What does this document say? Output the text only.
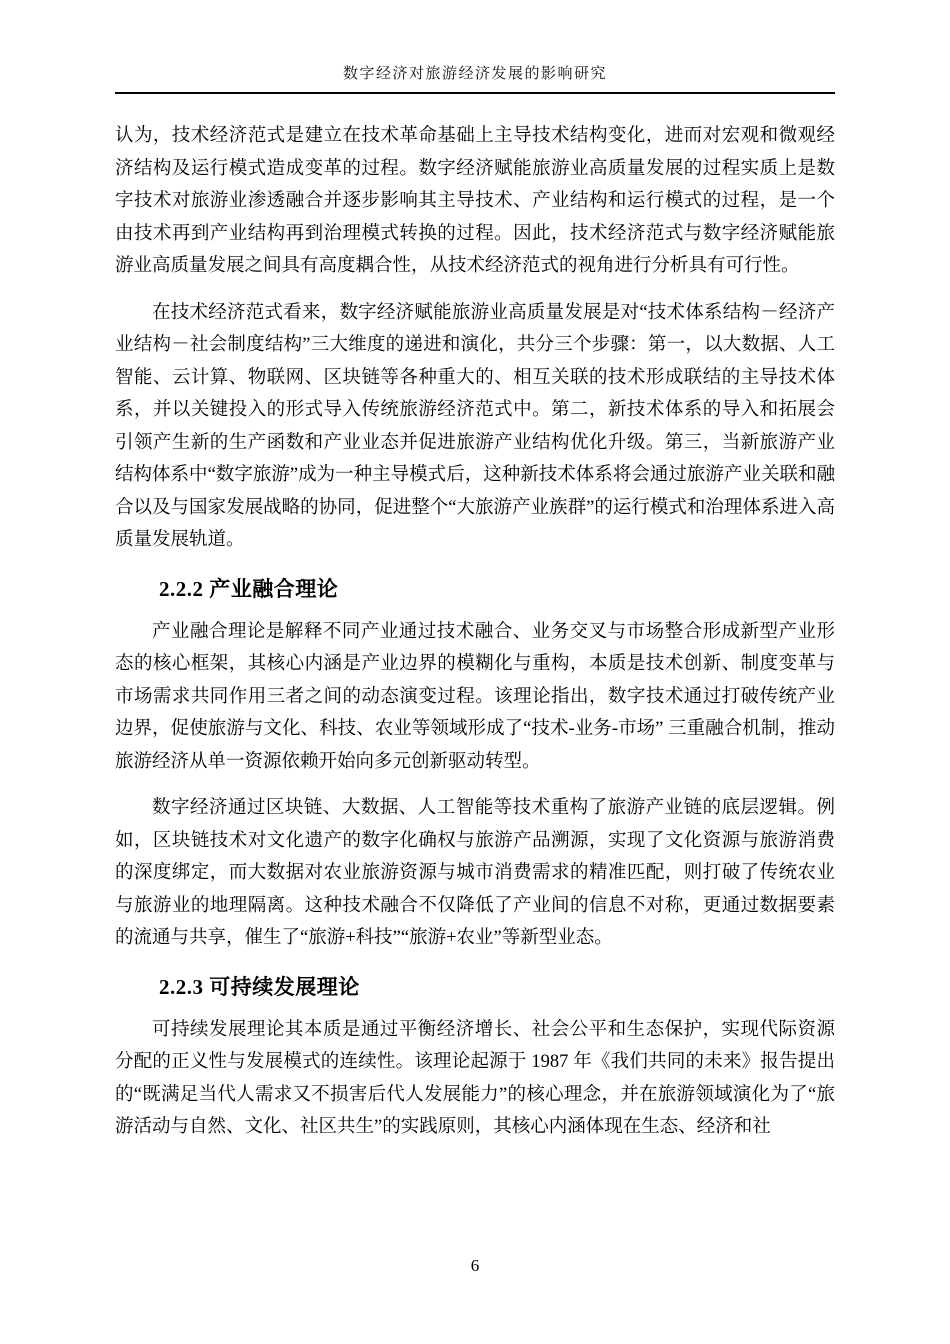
数字经济对旅游经济发展的影响研究

认为，技术经济范式是建立在技术革命基础上主导技术结构变化，进而对宏观和微观经济结构及运行模式造成变革的过程。数字经济赋能旅游业高质量发展的过程实质上是数字技术对旅游业渗透融合并逐步影响其主导技术、产业结构和运行模式的过程，是一个由技术再到产业结构再到治理模式转换的过程。因此，技术经济范式与数字经济赋能旅游业高质量发展之间具有高度耦合性，从技术经济范式的视角进行分析具有可行性。

在技术经济范式看来，数字经济赋能旅游业高质量发展是对“技术体系结构－经济产业结构－社会制度结构”三大维度的递进和演化，共分三个步骤：第一，以大数据、人工智能、云计算、物联网、区块链等各种重大的、相互关联的技术形成联结的主导技术体系，并以关键投入的形式导入传统旅游经济范式中。第二，新技术体系的导入和拓展会引领产生新的生产函数和产业业态并促进旅游产业结构优化升级。第三，当新旅游产业结构体系中“数字旅游”成为一种主导模式后，这种新技术体系将会通过旅游产业关联和融合以及与国家发展战略的协同，促进整个“大旅游产业族群”的运行模式和治理体系进入高质量发展轨道。

2.2.2 产业融合理论

产业融合理论是解释不同产业通过技术融合、业务交叉与市场整合形成新型产业形态的核心框架，其核心内涵是产业边界的模糊化与重构，本质是技术创新、制度变革与市场需求共同作用三者之间的动态演变过程。该理论指出，数字技术通过打破传统产业边界，促使旅游与文化、科技、农业等领域形成了“技术-业务-市场” 三重融合机制，推动旅游经济从单一资源依赖开始向多元创新驱动转型。

数字经济通过区块链、大数据、人工智能等技术重构了旅游产业链的底层逻辑。例如，区块链技术对文化遗产的数字化确权与旅游产品溯源，实现了文化资源与旅游消费的深度绑定，而大数据对农业旅游资源与城市消费需求的精准匹配，则打破了传统农业与旅游业的地理隔离。这种技术融合不仅降低了产业间的信息不对称，更通过数据要素的流通与共享，催生了“旅游+科技”“旅游+农业”等新型业态。

2.2.3 可持续发展理论

可持续发展理论其本质是通过平衡经济增长、社会公平和生态保护，实现代际资源分配的正义性与发展模式的连续性。该理论起源于 1987 年《我们共同的未来》报告提出的“既满足当代人需求又不损害后代人发展能力”的核心理念，并在旅游领域演化为了“旅游活动与自然、文化、社区共生”的实践原则，其核心内涵体现在生态、经济和社

6
